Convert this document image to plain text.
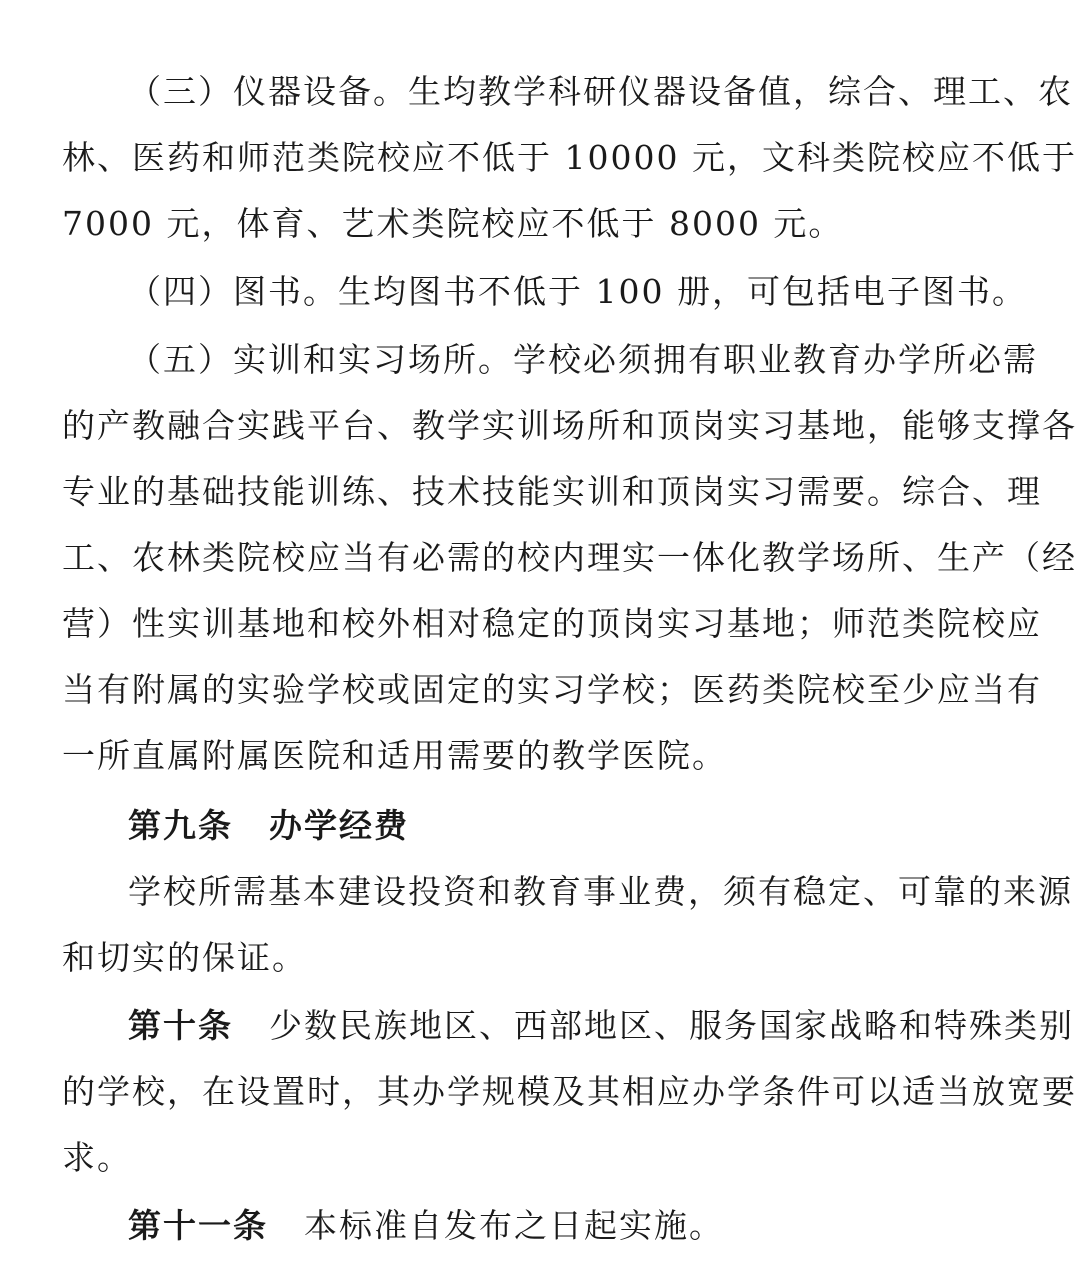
（三）仪器设备。生均教学科研仪器设备值，综合、理工、农
林、医药和师范类院校应不低于 10000 元，文科类院校应不低于
7000 元，体育、艺术类院校应不低于 8000 元。
（四）图书。生均图书不低于 100 册，可包括电子图书。
（五）实训和实习场所。学校必须拥有职业教育办学所必需
的产教融合实践平台、教学实训场所和顶岗实习基地，能够支撑各
专业的基础技能训练、技术技能实训和顶岗实习需要。综合、理
工、农林类院校应当有必需的校内理实一体化教学场所、生产（经
营）性实训基地和校外相对稳定的顶岗实习基地；师范类院校应
当有附属的实验学校或固定的实习学校；医药类院校至少应当有
一所直属附属医院和适用需要的教学医院。
第九条 办学经费
学校所需基本建设投资和教育事业费，须有稳定、可靠的来源
和切实的保证。
第十条 少数民族地区、西部地区、服务国家战略和特殊类别
的学校，在设置时，其办学规模及其相应办学条件可以适当放宽要
求。
第十一条 本标准自发布之日起实施。
